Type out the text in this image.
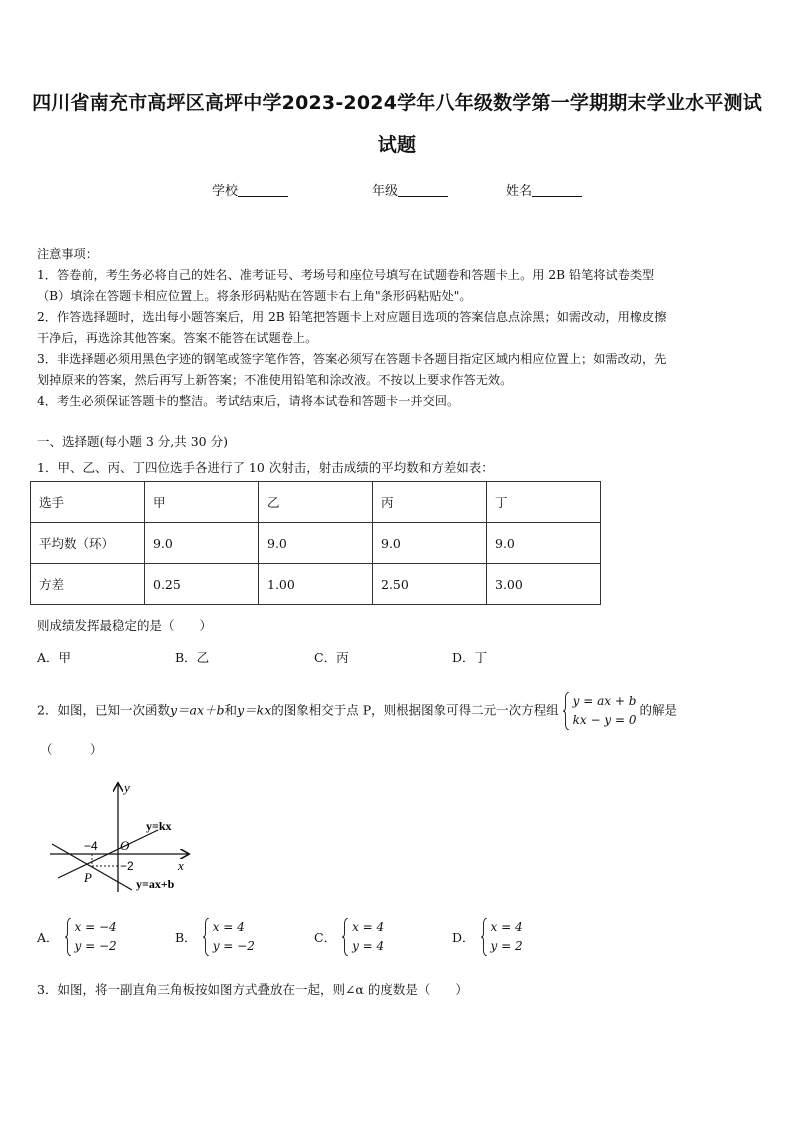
四川省南充市高坪区高坪中学2023-2024学年八年级数学第一学期期末学业水平测试
试题
学校	年级	姓名
注意事项：
1．答卷前，考生务必将自己的姓名、准考证号、考场号和座位号填写在试题卷和答题卡上。用 2B 铅笔将试卷类型
（B）填涂在答题卡相应位置上。将条形码粘贴在答题卡右上角"条形码粘贴处"。
2．作答选择题时，选出每小题答案后，用 2B 铅笔把答题卡上对应题目选项的答案信息点涂黑；如需改动，用橡皮擦
干净后，再选涂其他答案。答案不能答在试题卷上。
3．非选择题必须用黑色字迹的钢笔或签字笔作答，答案必须写在答题卡各题目指定区域内相应位置上；如需改动，先
划掉原来的答案，然后再写上新答案；不准使用铅笔和涂改液。不按以上要求作答无效。
4．考生必须保证答题卡的整洁。考试结束后，请将本试卷和答题卡一并交回。
一、选择题(每小题 3 分,共 30 分)
1．甲、乙、丙、丁四位选手各进行了 10 次射击，射击成绩的平均数和方差如表：
选手	甲	乙	丙	丁
平均数（环）	9.0	9.0	9.0	9.0
方差	0.25	1.00	2.50	3.00
则成绩发挥最稳定的是（　　）
A．甲	B．乙	C．丙	D．丁
2．如图，已知一次函数y＝ax＋b和y＝kx的图象相交于点 P，则根据图象可得二元一次方程组
y = ax + b
kx − y = 0
的解是
（　　　）
y
x
O
y=kx
y=ax+b
−4
−2
P
A．
x = −4
y = −2
B．
x = 4
y = −2
C．
x = 4
y = 4
D．
x = 4
y = 2
3．如图，将一副直角三角板按如图方式叠放在一起，则∠α 的度数是（　　）
